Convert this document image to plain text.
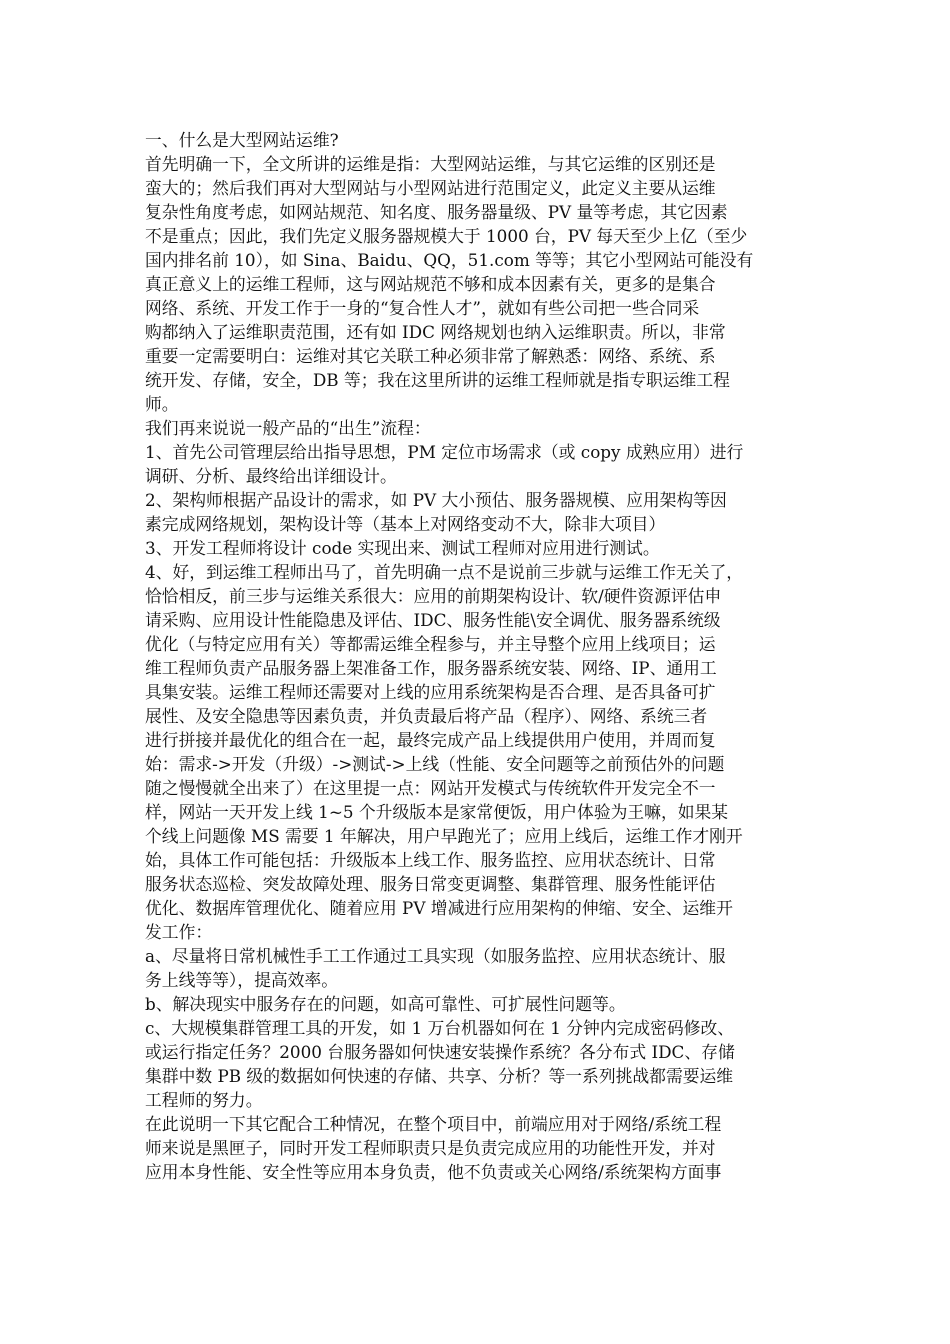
一、什么是大型网站运维?
首先明确一下，全文所讲的运维是指：大型网站运维，与其它运维的区别还是
蛮大的；然后我们再对大型网站与小型网站进行范围定义，此定义主要从运维
复杂性角度考虑，如网站规范、知名度、服务器量级、PV 量等考虑，其它因素
不是重点；因此，我们先定义服务器规模大于 1000 台，PV 每天至少上亿（至少
国内排名前 10），如 Sina、Baidu、QQ，51.com 等等；其它小型网站可能没有
真正意义上的运维工程师，这与网站规范不够和成本因素有关，更多的是集合
网络、系统、开发工作于一身的“复合性人才”，就如有些公司把一些合同采
购都纳入了运维职责范围，还有如 IDC 网络规划也纳入运维职责。所以，非常
重要一定需要明白：运维对其它关联工种必须非常了解熟悉：网络、系统、系
统开发、存储，安全，DB 等；我在这里所讲的运维工程师就是指专职运维工程
师。
我们再来说说一般产品的“出生”流程：
1、首先公司管理层给出指导思想，PM 定位市场需求（或 copy 成熟应用）进行
调研、分析、最终给出详细设计。
2、架构师根据产品设计的需求，如 PV 大小预估、服务器规模、应用架构等因
素完成网络规划，架构设计等（基本上对网络变动不大，除非大项目）
3、开发工程师将设计 code 实现出来、测试工程师对应用进行测试。
4、好，到运维工程师出马了，首先明确一点不是说前三步就与运维工作无关了，
恰恰相反，前三步与运维关系很大：应用的前期架构设计、软/硬件资源评估申
请采购、应用设计性能隐患及评估、IDC、服务性能\安全调优、服务器系统级
优化（与特定应用有关）等都需运维全程参与，并主导整个应用上线项目；运
维工程师负责产品服务器上架准备工作，服务器系统安装、网络、IP、通用工
具集安装。运维工程师还需要对上线的应用系统架构是否合理、是否具备可扩
展性、及安全隐患等因素负责，并负责最后将产品（程序）、网络、系统三者
进行拼接并最优化的组合在一起，最终完成产品上线提供用户使用，并周而复
始：需求->开发（升级）->测试->上线（性能、安全问题等之前预估外的问题
随之慢慢就全出来了）在这里提一点：网站开发模式与传统软件开发完全不一
样，网站一天开发上线 1~5 个升级版本是家常便饭，用户体验为王嘛，如果某
个线上问题像 MS 需要 1 年解决，用户早跑光了；应用上线后，运维工作才刚开
始，具体工作可能包括：升级版本上线工作、服务监控、应用状态统计、日常
服务状态巡检、突发故障处理、服务日常变更调整、集群管理、服务性能评估
优化、数据库管理优化、随着应用 PV 增减进行应用架构的伸缩、安全、运维开
发工作：
a、尽量将日常机械性手工工作通过工具实现（如服务监控、应用状态统计、服
务上线等等），提高效率。
b、解决现实中服务存在的问题，如高可靠性、可扩展性问题等。
c、大规模集群管理工具的开发，如 1 万台机器如何在 1 分钟内完成密码修改、
或运行指定任务？2000 台服务器如何快速安装操作系统？各分布式 IDC、存储
集群中数 PB 级的数据如何快速的存储、共享、分析？等一系列挑战都需要运维
工程师的努力。
在此说明一下其它配合工种情况，在整个项目中，前端应用对于网络/系统工程
师来说是黑匣子，同时开发工程师职责只是负责完成应用的功能性开发，并对
应用本身性能、安全性等应用本身负责，他不负责或关心网络/系统架构方面事
